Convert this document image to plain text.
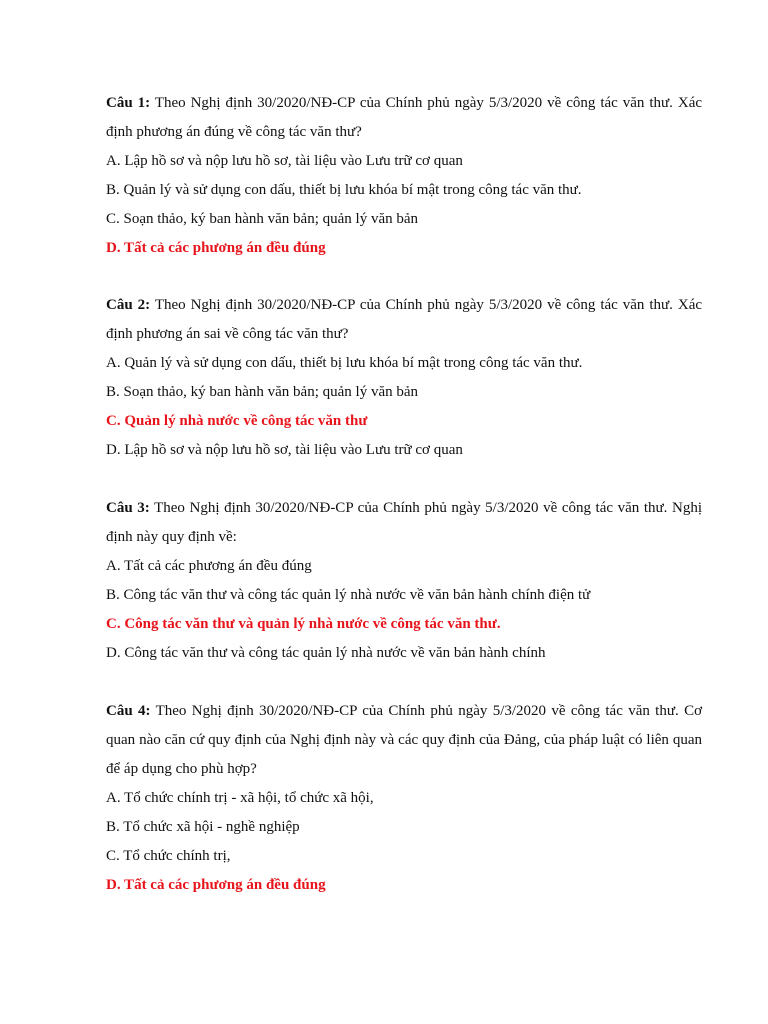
Câu 1: Theo Nghị định 30/2020/NĐ-CP của Chính phủ ngày 5/3/2020 về công tác văn thư. Xác định phương án đúng về công tác văn thư?

A. Lập hồ sơ và nộp lưu hồ sơ, tài liệu vào Lưu trữ cơ quan

B. Quản lý và sử dụng con dấu, thiết bị lưu khóa bí mật trong công tác văn thư.

C. Soạn thảo, ký ban hành văn bản; quản lý văn bản

D. Tất cả các phương án đều đúng

Câu 2: Theo Nghị định 30/2020/NĐ-CP của Chính phủ ngày 5/3/2020 về công tác văn thư. Xác định phương án sai về công tác văn thư?

A. Quản lý và sử dụng con dấu, thiết bị lưu khóa bí mật trong công tác văn thư.

B. Soạn thảo, ký ban hành văn bản; quản lý văn bản

C. Quản lý nhà nước về công tác văn thư

D. Lập hồ sơ và nộp lưu hồ sơ, tài liệu vào Lưu trữ cơ quan

Câu 3: Theo Nghị định 30/2020/NĐ-CP của Chính phủ ngày 5/3/2020 về công tác văn thư. Nghị định này quy định về:

A. Tất cả các phương án đều đúng

B. Công tác văn thư và công tác quản lý nhà nước về văn bản hành chính điện tử

C. Công tác văn thư và quản lý nhà nước về công tác văn thư.

D. Công tác văn thư và công tác quản lý nhà nước về văn bản hành chính

Câu 4: Theo Nghị định 30/2020/NĐ-CP của Chính phủ ngày 5/3/2020 về công tác văn thư. Cơ quan nào căn cứ quy định của Nghị định này và các quy định của Đảng, của pháp luật có liên quan để áp dụng cho phù hợp?

A. Tổ chức chính trị - xã hội, tổ chức xã hội,

B. Tổ chức xã hội - nghề nghiệp

C. Tổ chức chính trị,

D. Tất cả các phương án đều đúng
